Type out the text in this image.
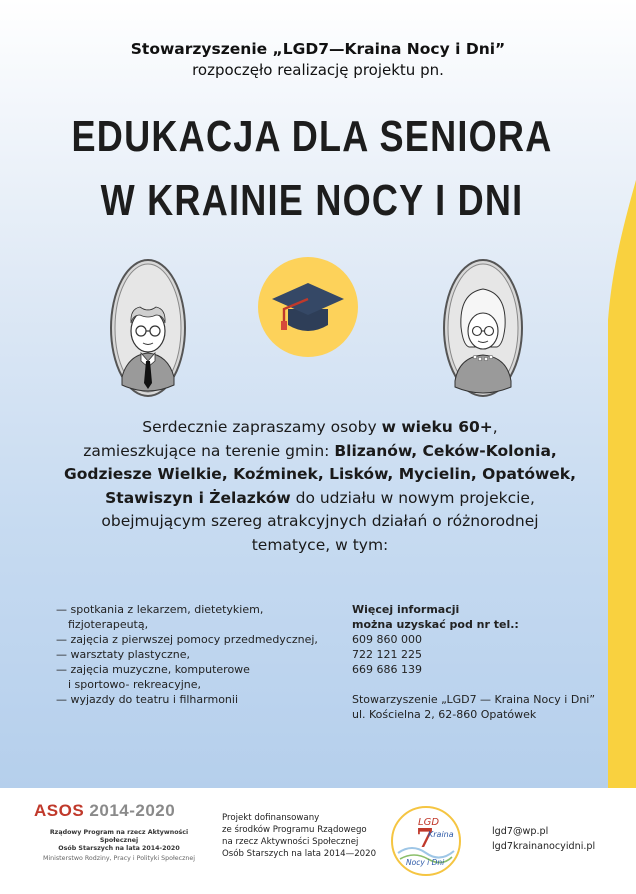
Stowarzyszenie „LGD7—Kraina Nocy i Dni”
rozpoczęło realizację projektu pn.
EDUKACJA DLA SENIORA
W KRAINIE NOCY I DNI
Serdecznie zapraszamy osoby w wieku 60+,
zamieszkujące na terenie gmin: Blizanów, Ceków-Kolonia, Godziesze Wielkie, Koźminek, Lisków, Mycielin, Opatówek, Stawiszyn i Żelazków do udziału w nowym projekcie, obejmującym szereg atrakcyjnych działań o różnorodnej tematyce, w tym:
— spotkania z lekarzem, dietetykiem,
fizjoterapeutą,
— zajęcia z pierwszej pomocy przedmedycznej,
— warsztaty plastyczne,
— zajęcia muzyczne, komputerowe
i sportowo- rekreacyjne,
— wyjazdy do teatru i filharmonii
Więcej informacji
można uzyskać pod nr tel.:
609 860 000
722 121 225
669 686 139
Stowarzyszenie „LGD7 — Kraina Nocy i Dni”
ul. Kościelna 2, 62-860 Opatówek
ASOS 2014-2020
Rządowy Program na rzecz Aktywności Społecznej
Osób Starszych na lata 2014-2020
Ministerstwo Rodziny, Pracy i Polityki Społecznej
Projekt dofinansowany
ze środków Programu Rządowego
na rzecz Aktywności Społecznej
Osób Starszych na lata 2014—2020
LGD
7
Kraina
Nocy i Dni
lgd7@wp.pl
lgd7krainanocyidni.pl
